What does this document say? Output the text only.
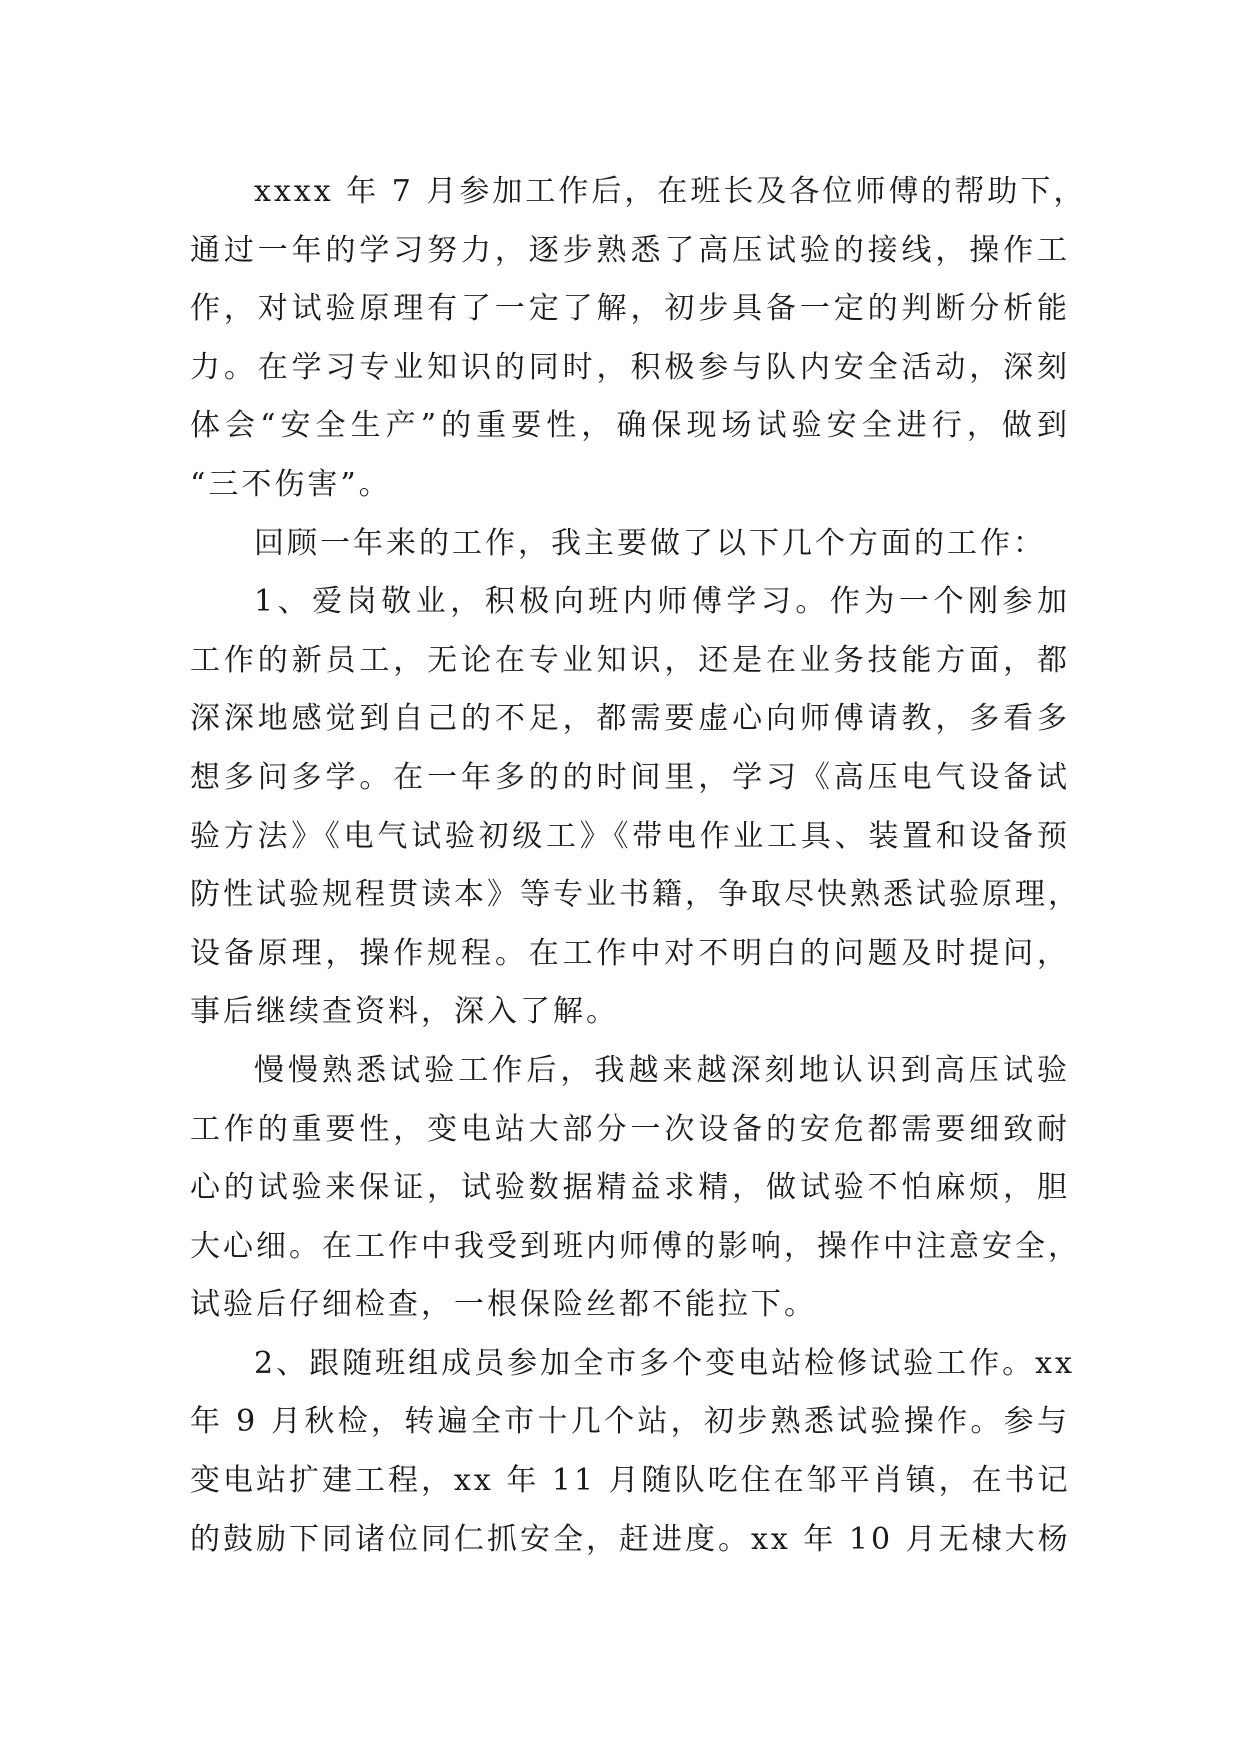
xxxx 年 7 月参加工作后，在班长及各位师傅的帮助下，
通过一年的学习努力，逐步熟悉了高压试验的接线，操作工
作，对试验原理有了一定了解，初步具备一定的判断分析能
力。在学习专业知识的同时，积极参与队内安全活动，深刻
体会“安全生产”的重要性，确保现场试验安全进行，做到
“三不伤害”。
回顾一年来的工作，我主要做了以下几个方面的工作：
1、爱岗敬业，积极向班内师傅学习。作为一个刚参加
工作的新员工，无论在专业知识，还是在业务技能方面，都
深深地感觉到自己的不足，都需要虚心向师傅请教，多看多
想多问多学。在一年多的的时间里，学习《高压电气设备试
验方法》《电气试验初级工》《带电作业工具、装置和设备预
防性试验规程贯读本》等专业书籍，争取尽快熟悉试验原理，
设备原理，操作规程。在工作中对不明白的问题及时提问，
事后继续查资料，深入了解。
慢慢熟悉试验工作后，我越来越深刻地认识到高压试验
工作的重要性，变电站大部分一次设备的安危都需要细致耐
心的试验来保证，试验数据精益求精，做试验不怕麻烦，胆
大心细。在工作中我受到班内师傅的影响，操作中注意安全，
试验后仔细检查，一根保险丝都不能拉下。
2、跟随班组成员参加全市多个变电站检修试验工作。xx
年 9 月秋检，转遍全市十几个站，初步熟悉试验操作。参与
变电站扩建工程，xx 年 11 月随队吃住在邹平肖镇，在书记
的鼓励下同诸位同仁抓安全，赶进度。xx 年 10 月无棣大杨
